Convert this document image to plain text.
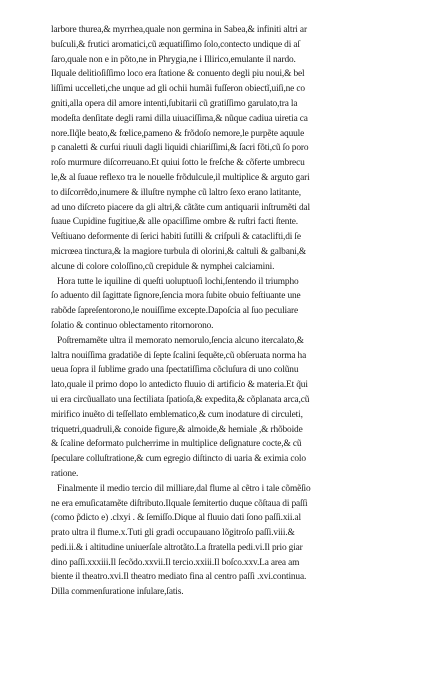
larbore thurea,& myrrhea,quale non germina in Sabea,& infiniti altri ar
buſculi,& frutici aromatici,cũ æquatiſſimo ſolo,contecto undique di aſ
ſaro,quale non e in põto,ne in Phrygia,ne i Illirico,emulante il nardo.
Ilquale delitioſiſſimo loco era ſtatione & conuento degli piu noui,& bel
liſſimi uccelleti,che unque ad gli ochii humãi fuſſeron obiectĩ,uiſi,ne co
gniti,alla opera dil amore intenti,ſubitarii cũ gratiſſimo garulato,tra la
modeſta denſitate degli rami dilla uiuaciſſima,& nũque cadiua uiretia ca
nore.Ilq̃le beato,& fœlice,pameno & frõdoſo nemore,le purpẽte aquule
p canaletti & curſui riuuli dagli liquidi chiariſſimi,& ſacri fõti,cũ ſo poro
roſo murmure diſcorreuano.Et quiui ſotto le freſche & cõferte umbrecu
le,& al ſuaue reflexo tra le nouelle frõdulcule,il multiplice & arguto gari
to diſcorrẽdo,inumere & illuſtre nymphe cũ laltro ſexo erano latitante,
ad uno diſcreto piacere da gli altri,& cãtãte cum antiquarii inſtrumẽti dal
ſuaue Cupidine fugitiue,& alle opaciſſime ombre & ruſtri facti ſtente.
Veſtiuano deformente di ſerici habiti ſutilli & criſpuli & cataclifti,di ſe
micrœea tinctura,& la magiore turbula di olorini,& caltuli & galbani,&
alcune di colore coloſſino,cũ crepidule & nymphei calciamini.
Hora tutte le iquiline di queſti uoluptuoſi lochi,ſentendo il triumpho
ſo aduento dil ſagittate ſignore,ſencia mora ſubite obuio feſtiuante une
rabõde ſapreſentorono,le nouiſſime excepte.Dapoſcia al ſuo peculiare
ſolatio & continuo oblectamento ritornorono.
Poſtremamẽte ultra il memorato nemorulo,ſencia alcuno itercalato,&
laltra nouiſſima gradatiõe di ſepte ſcalini ſequẽte,cũ obſeruata norma ha
ueua ſopra il ſublime grado una ſpectatiſſima cõcluſura di uno colũnu
lato,quale il primo dopo lo antedicto fluuio di artificio & materia.Et q̃ui
ui era circũuallato una ſectiliata ſpatioſa,& expedita,& cõplanata arca,cũ
mirifico inuẽto di teſſellato emblematico,& cum inodature di circuleti,
triquetri,quadruli,& conoide figure,& almoide,& hemiale ,& rhõboide
& ſcaline deformato pulcherrime in multiplice deſignature cocte,& cũ
ſpeculare colluſtratione,& cum egregio diſtincto di uaria & eximia colo
ratione.
Finalmente il medio tercio dil milliare,dal flume al cẽtro i tale cõmẽſio
ne era emuſicatamẽte diſtributo.Ilquale ſemitertio duque cõſtaua di paſſi
(como p̃dicto e) .clxyi . & ſemiſſo.Dique al fluuio dati ſono paſſi.xii.al
prato ultra il flume.x.Tuti gli gradi occupauano lõgitroſo paſſi.viii.&
pedi.ii.& i altitudine uniuerſale altrotãto.La ſtratella pedi.vi.Il prio giar
dino paſſi.xxxiii.Il ſecõdo.xxvii.Il tercio.xxiii.Il boſco.xxv.La area am
biente il theatro.xvi.Il theatro mediato fina al centro paſſi .xvi.continua.
Dilla commenſuratione inſulare,ſatis.
